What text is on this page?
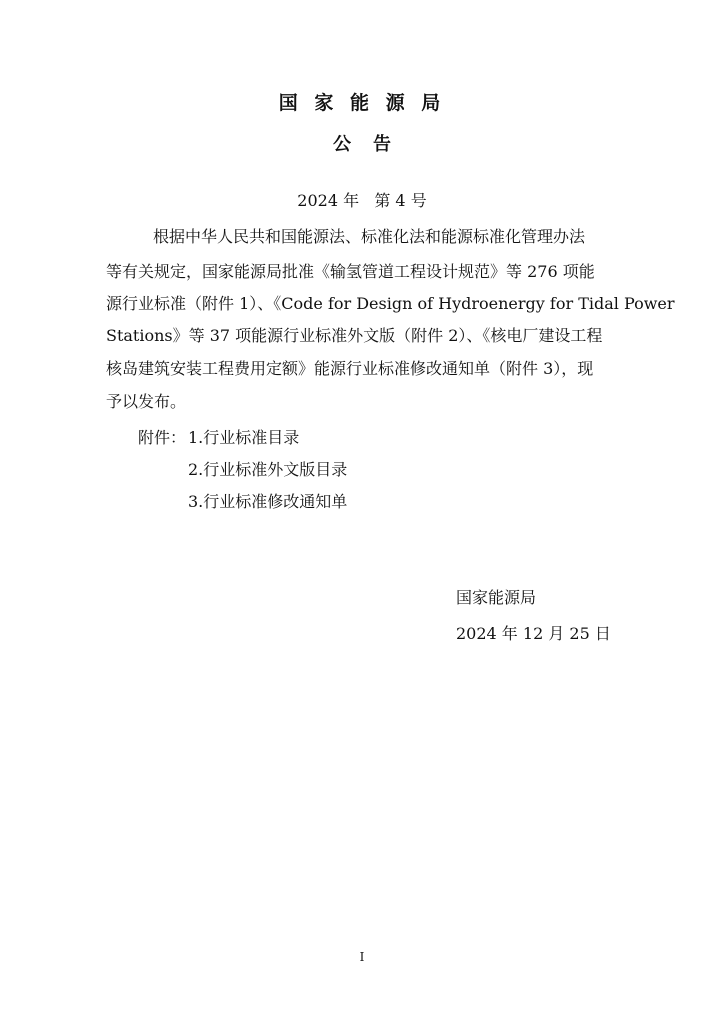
国 家 能 源 局
公告
2024 年   第 4 号
根据中华人民共和国能源法、标准化法和能源标准化管理办法
等有关规定，国家能源局批准《输氢管道工程设计规范》等 276 项能
源行业标准（附件 1）、《Code for Design of Hydroenergy for Tidal Power
Stations》等 37 项能源行业标准外文版（附件 2）、《核电厂建设工程
核岛建筑安装工程费用定额》能源行业标准修改通知单（附件 3），现
予以发布。
附件： 1.行业标准目录
2.行业标准外文版目录
3.行业标准修改通知单
国家能源局
2024 年 12 月 25 日
I
